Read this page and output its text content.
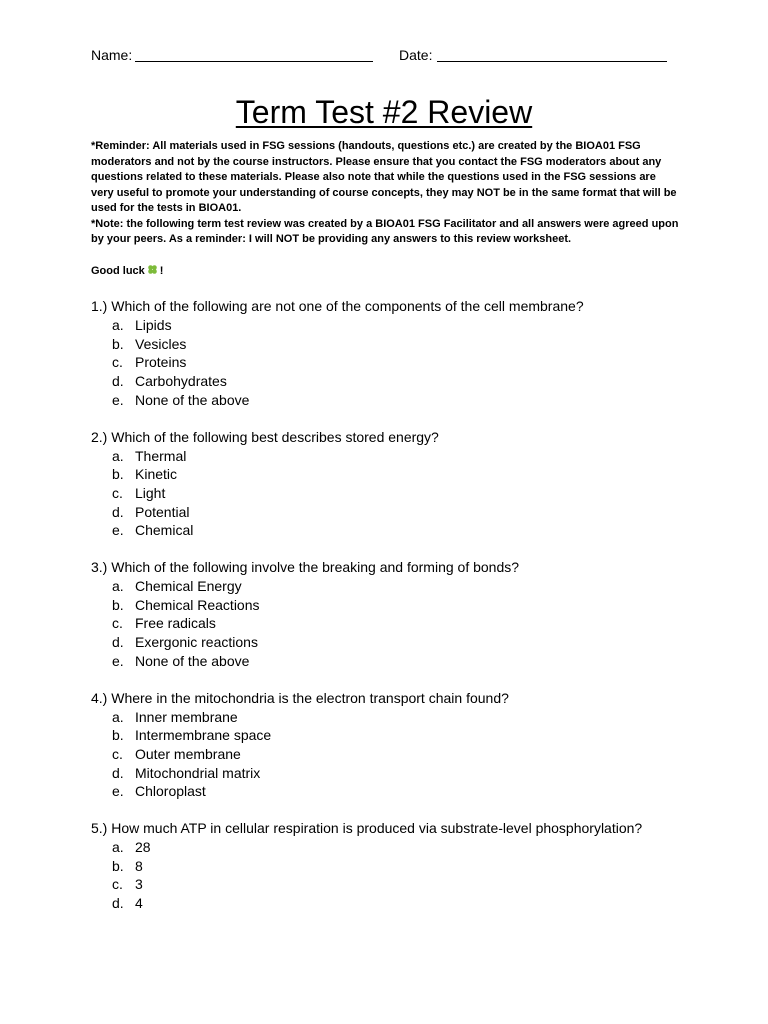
Name:	Date:
Term Test #2 Review

*Reminder: All materials used in FSG sessions (handouts, questions etc.) are created by the BIOA01 FSG moderators and not by the course instructors. Please ensure that you contact the FSG moderators about any questions related to these materials. Please also note that while the questions used in the FSG sessions are very useful to promote your understanding of course concepts, they may NOT be in the same format that will be used for the tests in BIOA01.

*Note: the following term test review was created by a BIOA01 FSG Facilitator and all answers were agreed upon by your peers. As a reminder: I will NOT be providing any answers to this review worksheet.

Good luck !

1.) Which of the following are not one of the components of the cell membrane?

a. Lipids
b. Vesicles
c. Proteins
d. Carbohydrates
e. None of the above

2.) Which of the following best describes stored energy?

a. Thermal
b. Kinetic
c. Light
d. Potential
e. Chemical

3.) Which of the following involve the breaking and forming of bonds?

a. Chemical Energy
b. Chemical Reactions
c. Free radicals
d. Exergonic reactions
e. None of the above

4.) Where in the mitochondria is the electron transport chain found?

a. Inner membrane
b. Intermembrane space
c. Outer membrane
d. Mitochondrial matrix
e. Chloroplast

5.) How much ATP in cellular respiration is produced via substrate-level phosphorylation?

a. 28
b. 8
c. 3
d. 4
